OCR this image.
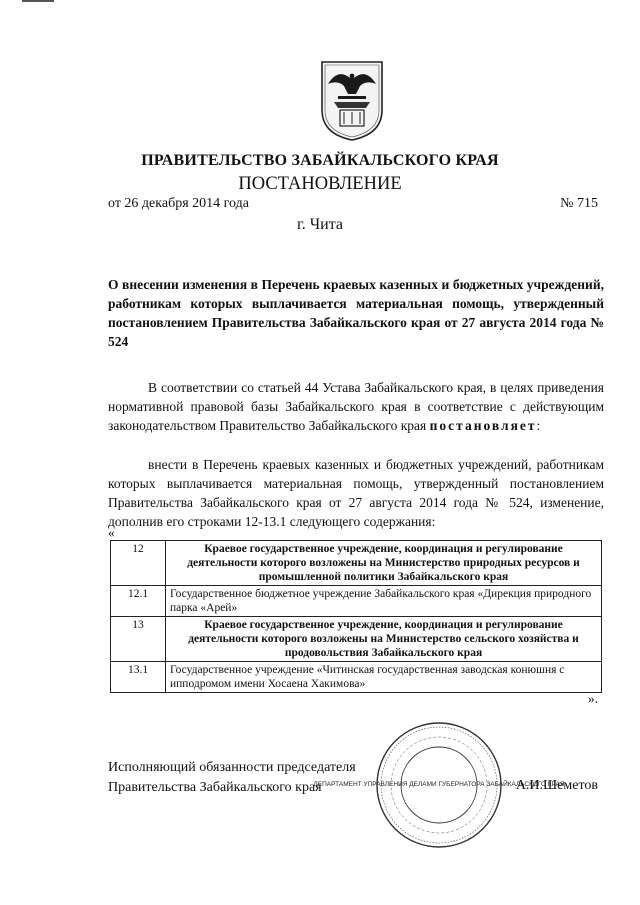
ПРАВИТЕЛЬСТВО ЗАБАЙКАЛЬСКОГО КРАЯ
ПОСТАНОВЛЕНИЕ
от 26 декабря 2014 года	№ 715
г. Чита
О внесении изменения в Перечень краевых казенных и бюджетных учреждений, работникам которых выплачивается материальная помощь, утвержденный постановлением Правительства Забайкальского края от 27 августа 2014 года № 524
В соответствии со статьей 44 Устава Забайкальского края, в целях приведения нормативной правовой базы Забайкальского края в соответствие с действующим законодательством Правительство Забайкальского края постановляет:
внести в Перечень краевых казенных и бюджетных учреждений, работникам которых выплачивается материальная помощь, утвержденный постановлением Правительства Забайкальского края от 27 августа 2014 года № 524, изменение, дополнив его строками 12-13.1 следующего содержания:
«
12	Краевое государственное учреждение, координация и регулирование деятельности которого возложены на Министерство природных ресурсов и промышленной политики Забайкальского края
12.1	Государственное бюджетное учреждение Забайкальского края «Дирекция природного парка «Арей»
13	Краевое государственное учреждение, координация и регулирование деятельности которого возложены на Министерство сельского хозяйства и продовольствия Забайкальского края
13.1	Государственное учреждение «Читинская государственная заводская конюшня с ипподромом имени Хосаена Хакимова»
».
Исполняющий обязанности председателя
Правительства Забайкальского края
ДЕПАРТАМЕНТ УПРАВЛЕНИЯ ДЕЛАМИ ГУБЕРНАТОРА ЗАБАЙКАЛЬСКОГО КРАЯ
А.И.Шеметов
